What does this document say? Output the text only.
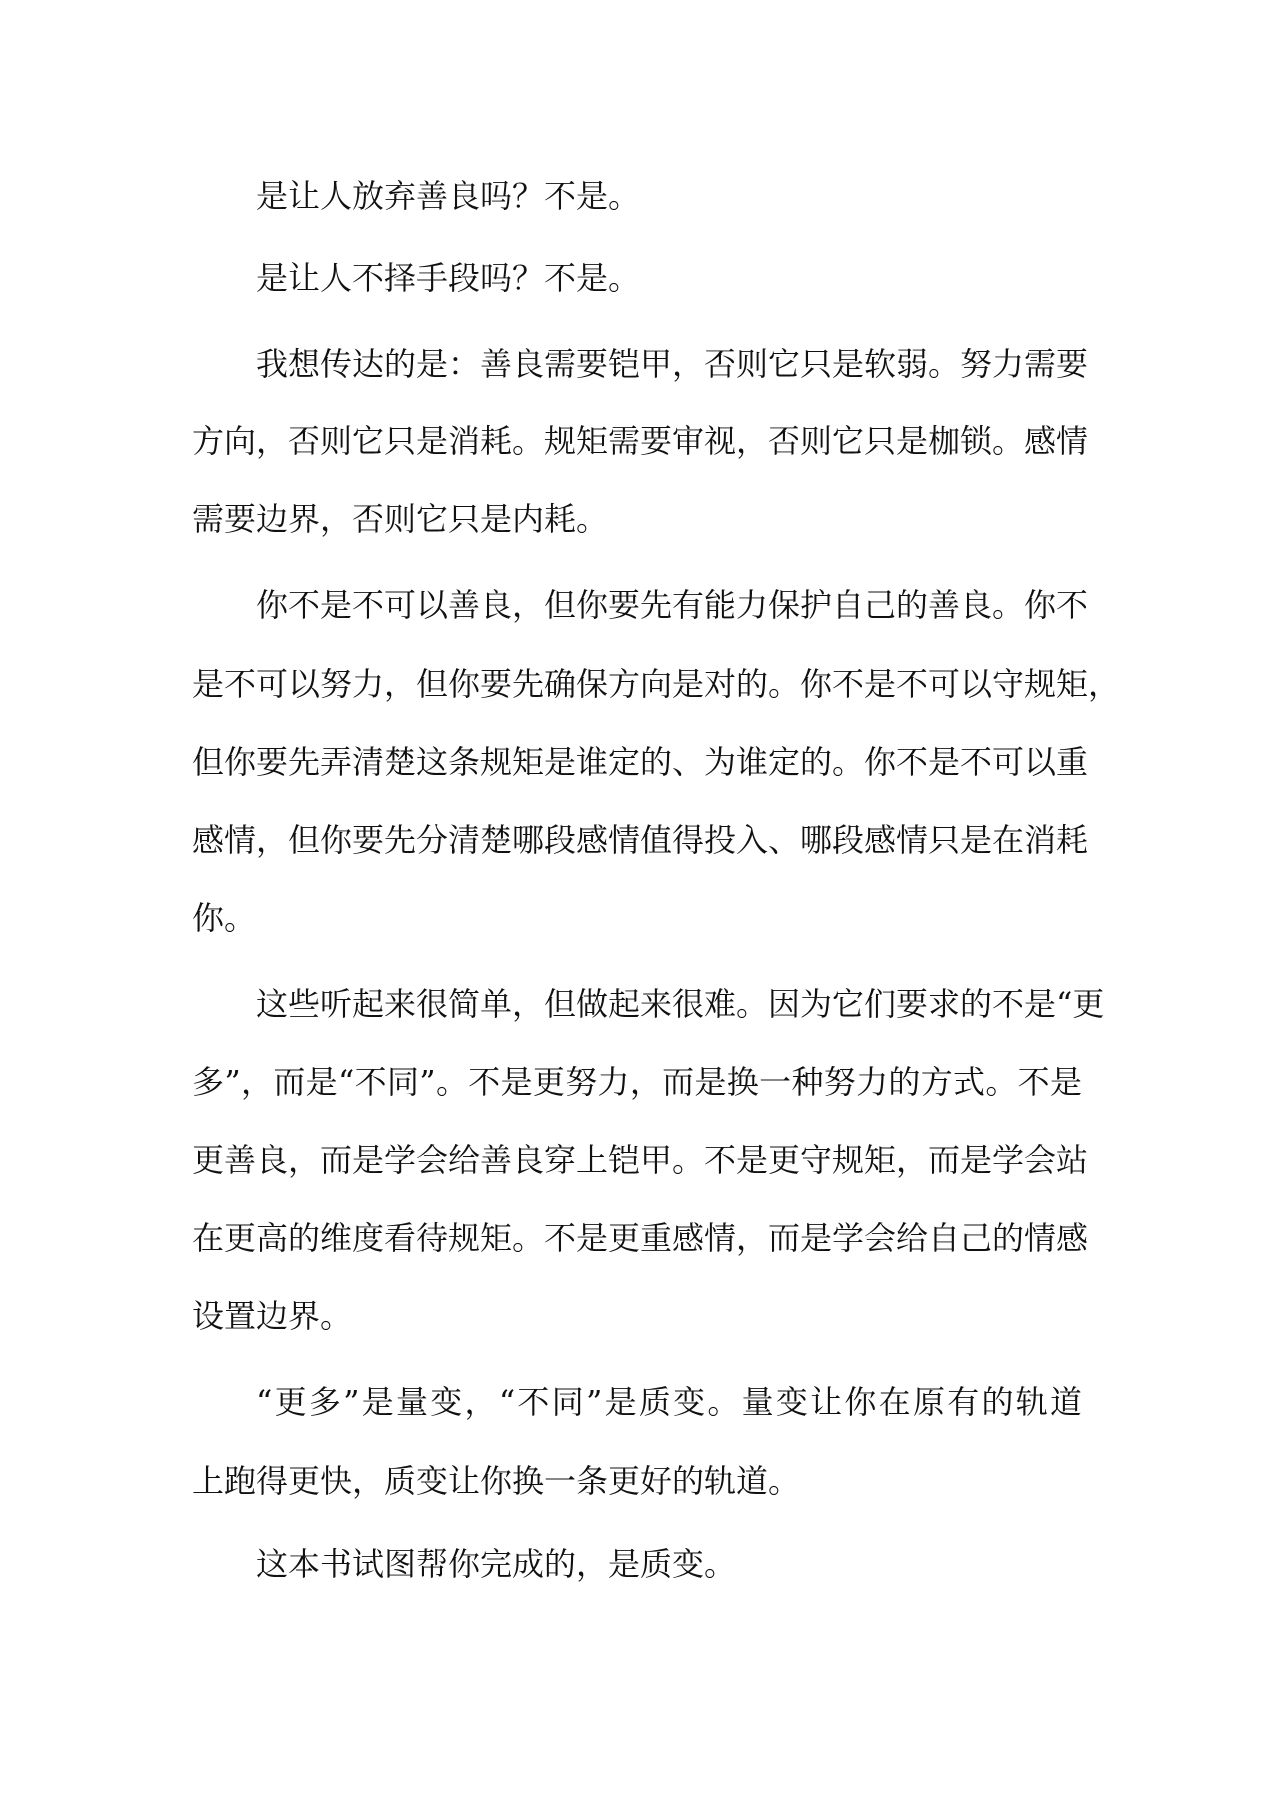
是让人放弃善良吗？不是。
是让人不择手段吗？不是。
我想传达的是：善良需要铠甲，否则它只是软弱。努力需要
方向，否则它只是消耗。规矩需要审视，否则它只是枷锁。感情
需要边界，否则它只是内耗。
你不是不可以善良，但你要先有能力保护自己的善良。你不
是不可以努力，但你要先确保方向是对的。你不是不可以守规矩，
但你要先弄清楚这条规矩是谁定的、为谁定的。你不是不可以重
感情，但你要先分清楚哪段感情值得投入、哪段感情只是在消耗
你。
这些听起来很简单，但做起来很难。因为它们要求的不是“更
多”，而是“不同”。不是更努力，而是换一种努力的方式。不是
更善良，而是学会给善良穿上铠甲。不是更守规矩，而是学会站
在更高的维度看待规矩。不是更重感情，而是学会给自己的情感
设置边界。
“更多”是量变，“不同”是质变。量变让你在原有的轨道
上跑得更快，质变让你换一条更好的轨道。
这本书试图帮你完成的，是质变。
